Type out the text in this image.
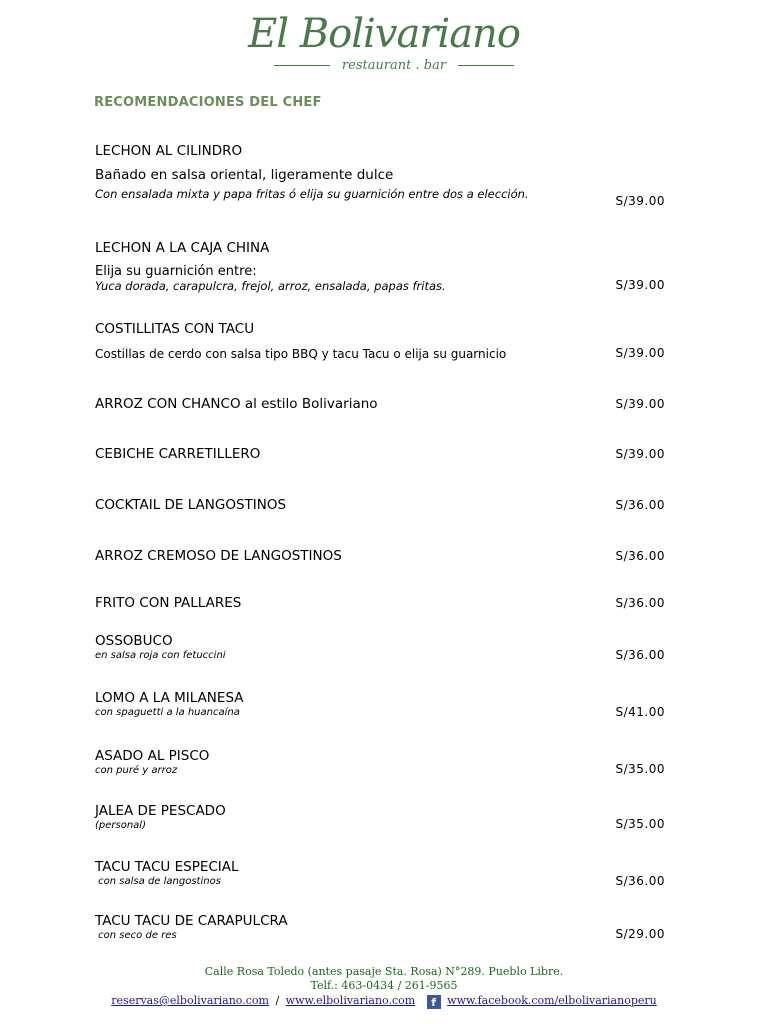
El Bolivariano
restaurant . bar
RECOMENDACIONES DEL CHEF
LECHON AL CILINDRO
Bañado en salsa oriental, ligeramente dulce
Con ensalada mixta y papa fritas ó elija su guarnición entre dos a elección.	S/39.00
LECHON A LA CAJA CHINA
Elija su guarnición entre:
Yuca dorada, carapulcra, frejol, arroz, ensalada, papas fritas.	S/39.00
COSTILLITAS CON TACU
Costillas de cerdo con salsa tipo BBQ y tacu Tacu o elija su guarnicio	S/39.00
ARROZ CON CHANCO al estilo Bolivariano	S/39.00
CEBICHE CARRETILLERO	S/39.00
COCKTAIL DE LANGOSTINOS	S/36.00
ARROZ CREMOSO DE LANGOSTINOS	S/36.00
FRITO CON PALLARES	S/36.00
OSSOBUCO
en salsa roja con fetuccini	S/36.00
LOMO A LA MILANESA
con spaguetti a la huancaína	S/41.00
ASADO AL PISCO
con puré y arroz	S/35.00
JALEA DE PESCADO
(personal)	S/35.00
TACU TACU ESPECIAL
con salsa de langostinos	S/36.00
TACU TACU DE CARAPULCRA
con seco de res	S/29.00
Calle Rosa Toledo (antes pasaje Sta. Rosa) N°289. Pueblo Libre.
Telf.: 463-0434 / 261-9565
reservas@elbolivariano.com / www.elbolivariano.com f www.facebook.com/elbolivarianoperu
